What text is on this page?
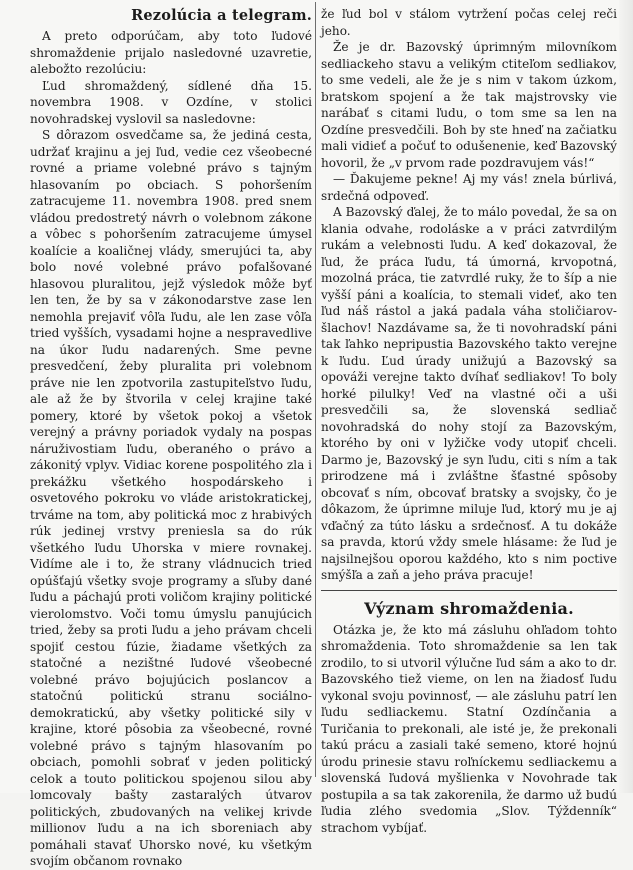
Rezolúcia a telegram.

A preto odporúčam, aby toto ľudové shromaždenie prijalo nasledovné uzavretie, alebožto rezolúciu:

Ľud shromaždený, sídlené dňa 15. novembra 1908. v Ozdíne, v stolici novohradskej vyslovil sa nasledovne:

S dôrazom osvedčame sa, že jediná cesta, udržať krajinu a jej ľud, vedie cez všeobecné rovné a priame volebné právo s tajným hlasovaním po obciach. S pohoršením zatracujeme 11. novembra 1908. pred snem vládou predostretý návrh o volebnom zákone a vôbec s pohoršením zatracujeme úmysel koalície a koaličnej vlády, smerujúci ta, aby bolo nové volebné právo pofalšované hlasovou pluralitou, jejž výsledok môže byť len ten, že by sa v zákonodarstve zase len nemohla prejaviť vôľa ľudu, ale len zase vôľa tried vyšších, vysadami hojne a nespravedlive na úkor ľudu nadarených. Sme pevne presvedčení, žeby pluralita pri volebnom práve nie len zpotvorila zastupiteľstvo ľudu, ale až že by štvorila v celej krajine také pomery, ktoré by všetok pokoj a všetok verejný a právny poriadok vydaly na pospas náruživostiam ľudu, oberaného o právo a zákonitý vplyv. Vidiac korene pospolitého zla i prekážku všetkého hospodárskeho i osvetového pokroku vo vláde aristokratickej, trváme na tom, aby politická moc z hrabivých rúk jedinej vrstvy preniesla sa do rúk všetkého ľudu Uhorska v miere rovnakej. Vidíme ale i to, že strany vládnucich tried opúšťajú všetky svoje programy a sľuby dané ľudu a páchajú proti voličom krajiny politické vierolomstvo. Voči tomu úmyslu panujúcich tried, žeby sa proti ľudu a jeho právam chceli spojiť cestou fúzie, žiadame všetkých za statočné a nezištné ľudové všeobecné volebné právo bojujúcich poslancov a statočnú politickú stranu sociálno-demokratickú, aby všetky politické sily v krajine, ktoré pôsobia za všeobecné, rovné volebné právo s tajným hlasovaním po obciach, pomohli sobrať v jeden politický celok a touto politickou spojenou silou aby lomcovaly bašty zastaralých útvarov politických, zbudovaných na velikej krivde millionov ľudu a na ich sboreniach aby pomáhali stavať Uhorsko nové, ku všetkým svojím občanom rovnako

že ľud bol v stálom vytržení počas celej reči jeho.

Že je dr. Bazovský úprimným milovníkom sedliackeho stavu a velikým ctiteľom sedliakov, to sme vedeli, ale že je s nim v takom úzkom, bratskom spojení a že tak majstrovsky vie narábať s citami ľudu, o tom sme sa len na Ozdíne presvedčili. Boh by ste hneď na začiatku mali vidieť a počuť to odušenenie, keď Bazovský hovoril, že „v prvom rade pozdravujem vás!“

— Ďakujeme pekne! Aj my vás! znela búrlivá, srdečná odpoveď.

A Bazovský ďalej, že to málo povedal, že sa on klania odvahe, rodoláske a v práci zatvrdilým rukám a velebnosti ľudu. A keď dokazoval, že ľud, že práca ľudu, tá úmorná, krvopotná, mozolná práca, tie zatvrdlé ruky, že to šíp a nie vyšší páni a koalícia, to stemali videť, ako ten ľud náš rástol a jaká padala váha stoličiarov-šlachov! Nazdávame sa, že ti novohradskí páni tak ľahko nepripustia Bazovského takto verejne k ľudu. Ľud úrady unižujú a Bazovský sa opováži verejne takto dvíhať sedliakov! To boly horké pilulky! Veď na vlastné oči a uši presvedčili sa, že slovenská sedliač novohradská do nohy stojí za Bazovským, ktorého by oni v lyžičke vody utopiť chceli. Darmo je, Bazovský je syn ľudu, citi s ním a tak prirodzene má i zvláštne šťastné spôsoby obcovať s ním, obcovať bratsky a svojsky, čo je dôkazom, že úprimne miluje ľud, ktorý mu je aj vďačný za túto lásku a srdečnosť. A tu dokáže sa pravda, ktorú vždy smele hlásame: že ľud je najsilnejšou oporou každého, kto s nim poctive smýšľa a zaň a jeho práva pracuje!

Význam shromaždenia.

Otázka je, že kto má zásluhu ohľadom tohto shromaždenia. Toto shromaždenie sa len tak zrodilo, to si utvoril výlučne ľud sám a ako to dr. Bazovského tiež vieme, on len na žiadosť ľudu vykonal svoju povinnosť, — ale zásluhu patrí len ľudu sedliackemu. Statní Ozdínčania a Turičania to prekonali, ale isté je, že prekonali takú prácu a zasiali také semeno, ktoré hojnú úrodu prinesie stavu roľníckemu sedliackemu a slovenská ľudová myšlienka v Novohrade tak postupila a sa tak zakorenila, že darmo už budú ľudia zlého svedomia „Slov. Týždenník“ strachom vybíjať.
